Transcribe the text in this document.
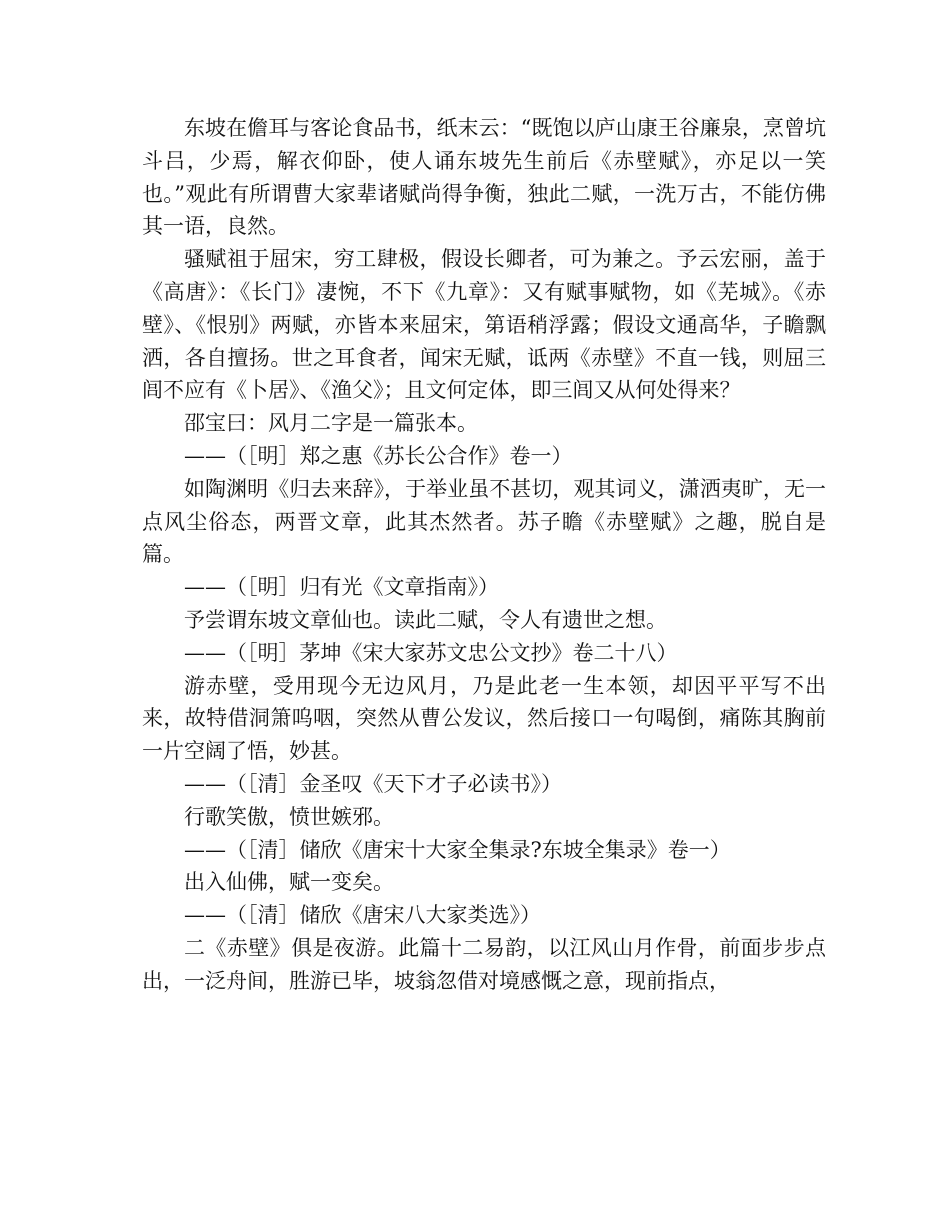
东坡在儋耳与客论食品书，纸末云：“既饱以庐山康王谷廉泉，烹曾坑斗吕，少焉，解衣仰卧，使人诵东坡先生前后《赤壁赋》，亦足以一笑也。”观此有所谓曹大家辈诸赋尚得争衡，独此二赋，一洗万古，不能仿佛其一语，良然。

骚赋祖于屈宋，穷工肆极，假设长卿者，可为兼之。予云宏丽，盖于《高唐》：《长门》凄惋，不下《九章》：又有赋事赋物，如《芜城》。《赤壁》、《恨别》两赋，亦皆本来屈宋，第语稍浮露；假设文通高华，子瞻飘洒，各自擅扬。世之耳食者，闻宋无赋，诋两《赤壁》不直一钱，则屈三闾不应有《卜居》、《渔父》；且文何定体，即三闾又从何处得来？

邵宝曰：风月二字是一篇张本。

——（［明］郑之惠《苏长公合作》卷一）

如陶渊明《归去来辞》，于举业虽不甚切，观其词义，潇洒夷旷，无一点风尘俗态，两晋文章，此其杰然者。苏子瞻《赤壁赋》之趣，脱自是篇。

——（［明］归有光《文章指南》）

予尝谓东坡文章仙也。读此二赋，令人有遗世之想。

——（［明］茅坤《宋大家苏文忠公文抄》卷二十八）

游赤壁，受用现今无边风月，乃是此老一生本领，却因平平写不出来，故特借洞箫呜咽，突然从曹公发议，然后接口一句喝倒，痛陈其胸前一片空阔了悟，妙甚。

——（［清］金圣叹《天下才子必读书》）

行歌笑傲，愤世嫉邪。

——（［清］储欣《唐宋十大家全集录?东坡全集录》卷一）

出入仙佛，赋一变矣。

——（［清］储欣《唐宋八大家类选》）

二《赤壁》俱是夜游。此篇十二易韵，以江风山月作骨，前面步步点出，一泛舟间，胜游已毕，坡翁忽借对境感慨之意，现前指点，
